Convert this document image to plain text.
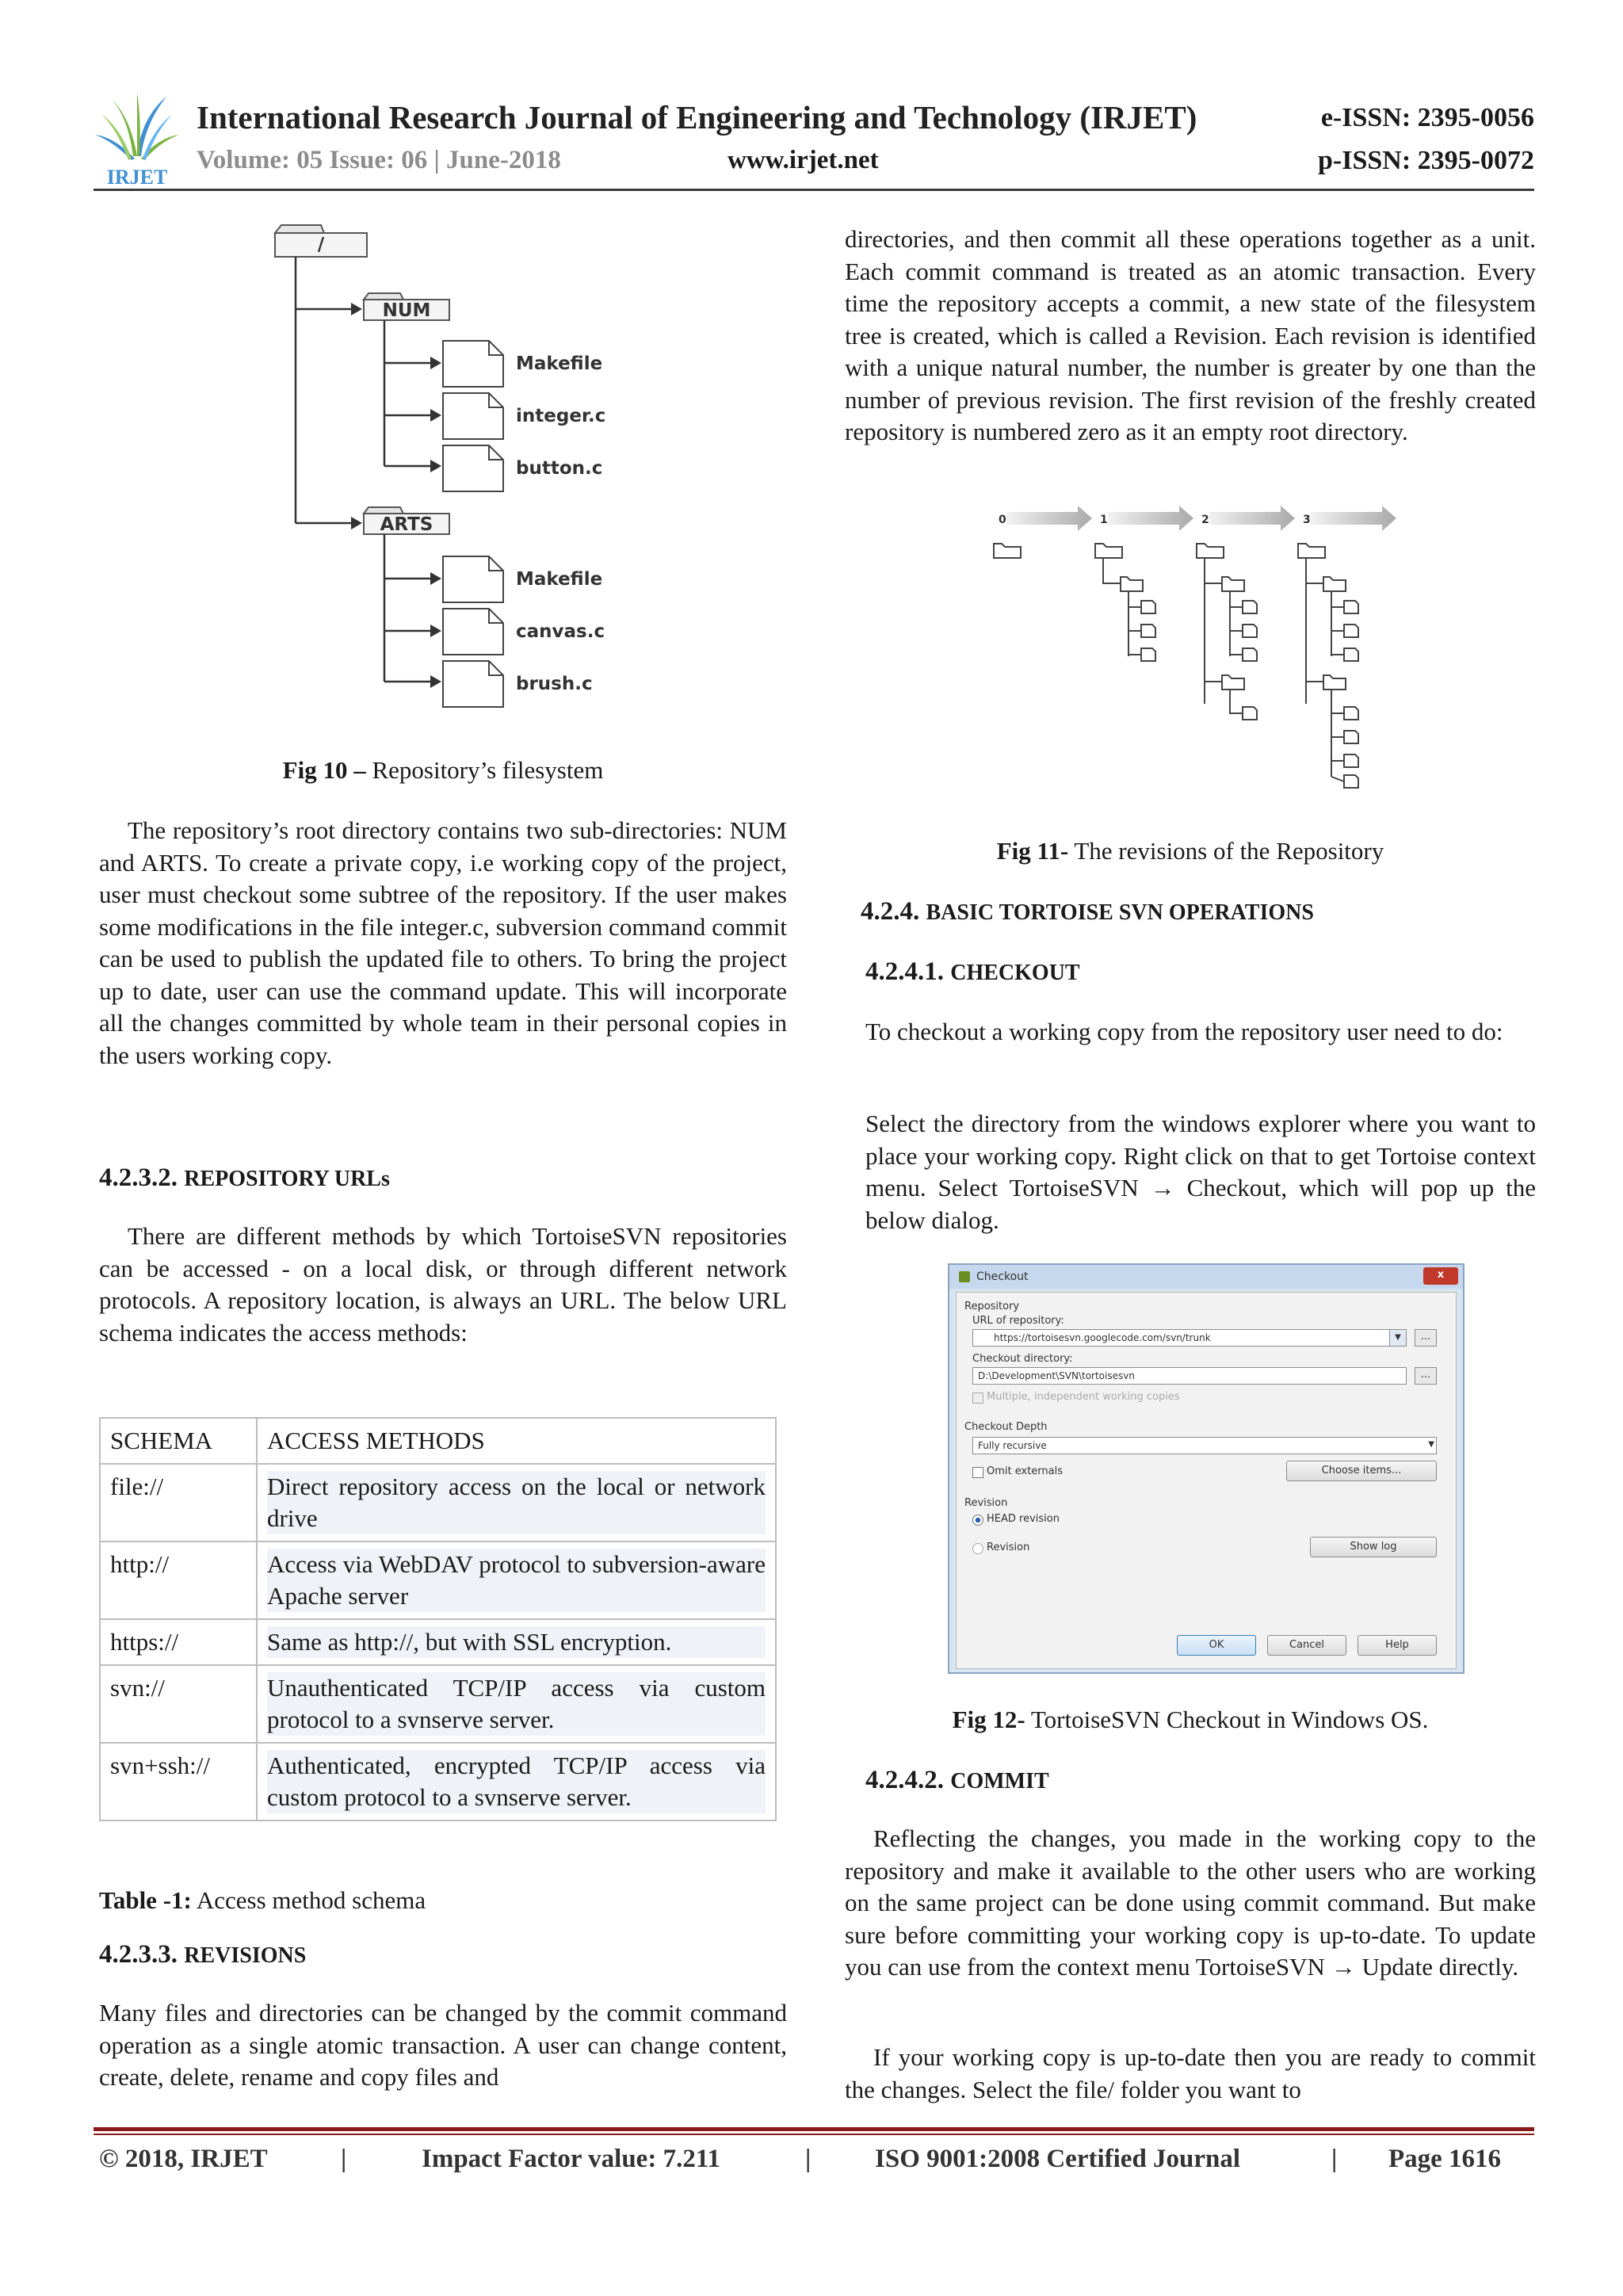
IRJET
International Research Journal of Engineering and Technology (IRJET)	e-ISSN: 2395-0056
Volume: 05 Issue: 06 | June-2018	www.irjet.net	p-ISSN: 2395-0072
/
NUM
Makefile
integer.c
button.c
ARTS
Makefile
canvas.c
brush.c
Fig 10 – Repository’s filesystem

The repository’s root directory contains two sub-directories: NUM and ARTS. To create a private copy, i.e working copy of the project, user must checkout some subtree of the repository. If the user makes some modifications in the file integer.c, subversion command commit can be used to publish the updated file to others. To bring the project up to date, user can use the command update. This will incorporate all the changes committed by whole team in their personal copies in the users working copy.

4.2.3.2. REPOSITORY URLs

There are different methods by which TortoiseSVN repositories can be accessed - on a local disk, or through different network protocols. A repository location, is always an URL. The below URL schema indicates the access methods:

SCHEMA	ACCESS METHODS
file://	Direct repository access on the local or network drive

http://	Access via WebDAV protocol to subversion-aware Apache server

https://	Same as http://, but with SSL encryption.

svn://	Unauthenticated TCP/IP access via custom protocol to a svnserve server.

svn+ssh://	Authenticated, encrypted TCP/IP access via custom protocol to a svnserve server.
Table -1: Access method schema
4.2.3.3. REVISIONS

Many files and directories can be changed by the commit command operation as a single atomic transaction. A user can change content, create, delete, rename and copy files and

directories, and then commit all these operations together as a unit. Each commit command is treated as an atomic transaction. Every time the repository accepts a commit, a new state of the filesystem tree is created, which is called a Revision. Each revision is identified with a unique natural number, the number is greater by one than the number of previous revision. The first revision of the freshly created repository is numbered zero as it an empty root directory.

0	1	2	3
Fig 11- The revisions of the Repository
4.2.4. BASIC TORTOISE SVN OPERATIONS
4.2.4.1. CHECKOUT

To checkout a working copy from the repository user need to do:

Select the directory from the windows explorer where you want to place your working copy. Right click on that to get Tortoise context menu. Select TortoiseSVN → Checkout, which will pop up the below dialog.

Checkout	x
Repository
URL of repository:
https://tortoisesvn.googlecode.com/svn/trunk	▼	...
Checkout directory:
D:\Development\SVN\tortoisesvn	...
Multiple, independent working copies
Checkout Depth
Fully recursive	▼
Omit externals	Choose items...
Revision
HEAD revision
Revision	Show log
OK	Cancel	Help
Fig 12- TortoiseSVN Checkout in Windows OS.
4.2.4.2. COMMIT

Reflecting the changes, you made in the working copy to the repository and make it available to the other users who are working on the same project can be done using commit command. But make sure before committing your working copy is up-to-date. To update you can use from the context menu TortoiseSVN → Update directly.

If your working copy is up-to-date then you are ready to commit the changes. Select the file/ folder you want to

© 2018, IRJET	|	Impact Factor value: 7.211	| ISO 9001:2008 Certified Journal	| Page 1616
